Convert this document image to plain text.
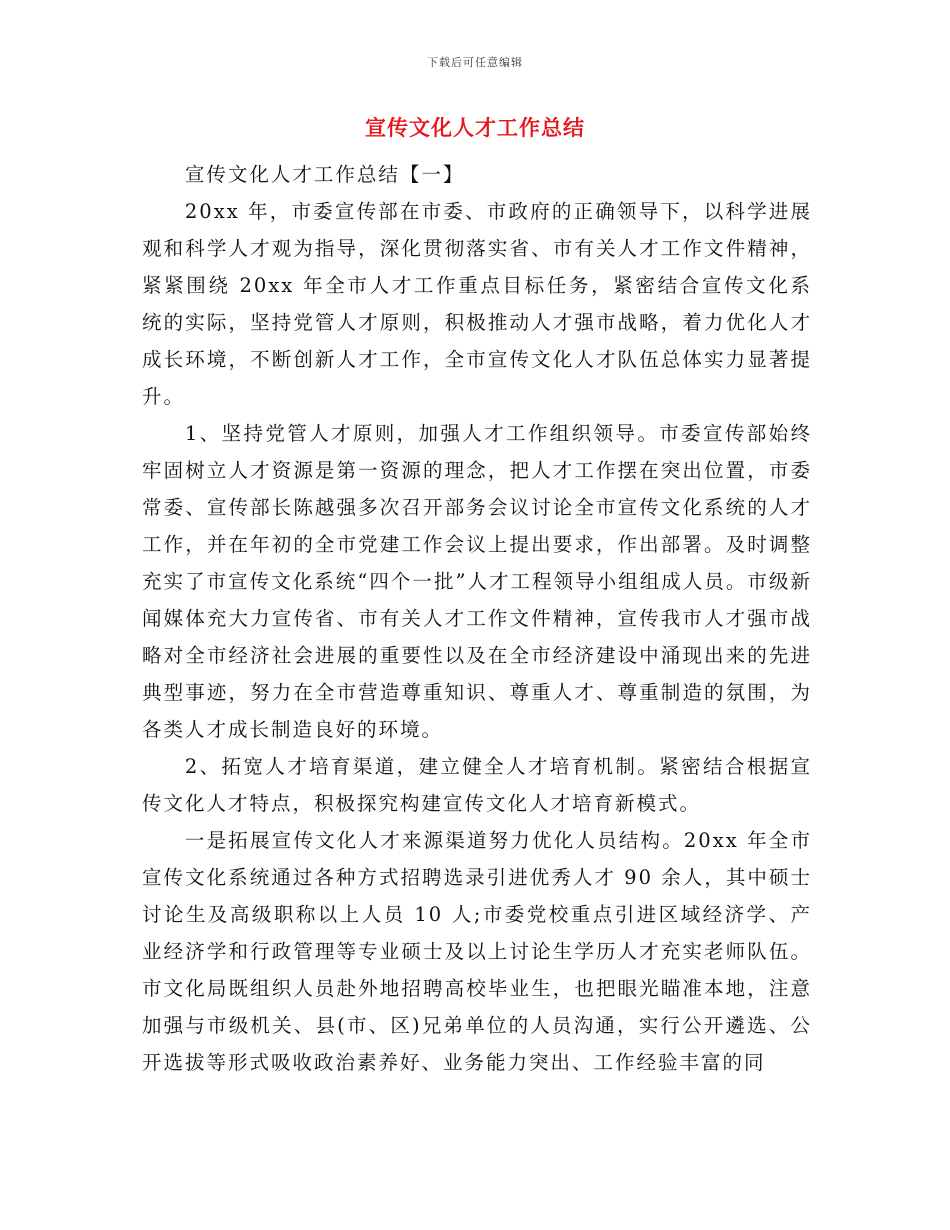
下载后可任意编辑
宣传文化人才工作总结

宣传文化人才工作总结【一】

20xx 年，市委宣传部在市委、市政府的正确领导下，以科学进展观和科学人才观为指导，深化贯彻落实省、市有关人才工作文件精神，紧紧围绕 20xx 年全市人才工作重点目标任务，紧密结合宣传文化系统的实际，坚持党管人才原则，积极推动人才强市战略，着力优化人才成长环境，不断创新人才工作，全市宣传文化人才队伍总体实力显著提升。

1、坚持党管人才原则，加强人才工作组织领导。市委宣传部始终牢固树立人才资源是第一资源的理念，把人才工作摆在突出位置，市委常委、宣传部长陈越强多次召开部务会议讨论全市宣传文化系统的人才工作，并在年初的全市党建工作会议上提出要求，作出部署。及时调整充实了市宣传文化系统“四个一批”人才工程领导小组组成人员。市级新闻媒体充大力宣传省、市有关人才工作文件精神，宣传我市人才强市战略对全市经济社会进展的重要性以及在全市经济建设中涌现出来的先进典型事迹，努力在全市营造尊重知识、尊重人才、尊重制造的氛围，为各类人才成长制造良好的环境。

2、拓宽人才培育渠道，建立健全人才培育机制。紧密结合根据宣传文化人才特点，积极探究构建宣传文化人才培育新模式。

一是拓展宣传文化人才来源渠道努力优化人员结构。20xx 年全市宣传文化系统通过各种方式招聘选录引进优秀人才 90 余人，其中硕士讨论生及高级职称以上人员 10 人;市委党校重点引进区域经济学、产业经济学和行政管理等专业硕士及以上讨论生学历人才充实老师队伍。市文化局既组织人员赴外地招聘高校毕业生，也把眼光瞄准本地，注意加强与市级机关、县(市、区)兄弟单位的人员沟通，实行公开遴选、公开选拔等形式吸收政治素养好、业务能力突出、工作经验丰富的同
